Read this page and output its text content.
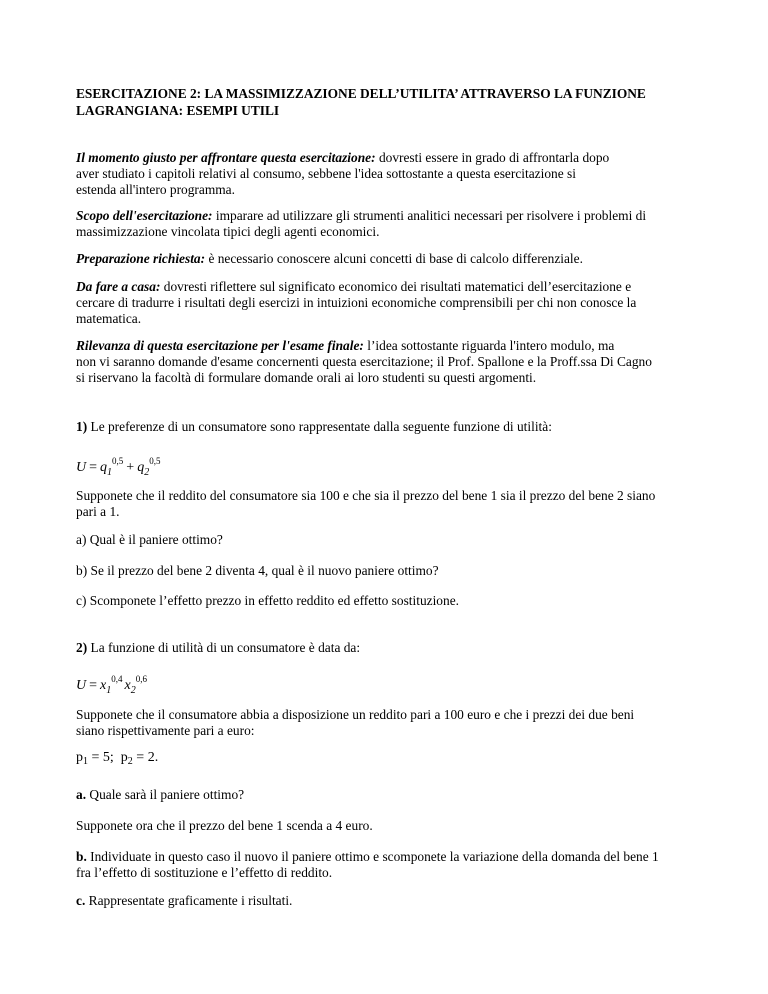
ESERCITAZIONE 2: LA MASSIMIZZAZIONE DELL’UTILITA’ ATTRAVERSO LA FUNZIONE LAGRANGIANA: ESEMPI UTILI
Il momento giusto per affrontare questa esercitazione: dovresti essere in grado di affrontarla dopo
aver studiato i capitoli relativi al consumo, sebbene l'idea sottostante a questa esercitazione si
estenda all'intero programma.
Scopo dell'esercitazione: imparare ad utilizzare gli strumenti analitici necessari per risolvere i problemi di
massimizzazione vincolata tipici degli agenti economici.
Preparazione richiesta: è necessario conoscere alcuni concetti di base di calcolo differenziale.
Da fare a casa: dovresti riflettere sul significato economico dei risultati matematici dell’esercitazione e
cercare di tradurre i risultati degli esercizi in intuizioni economiche comprensibili per chi non conosce la
matematica.
Rilevanza di questa esercitazione per l'esame finale: l’idea sottostante riguarda l'intero modulo, ma
non vi saranno domande d'esame concernenti questa esercitazione; il Prof. Spallone e la Proff.ssa Di Cagno
si riservano la facoltà di formulare domande orali ai loro studenti su questi argomenti.
1) Le preferenze di un consumatore sono rappresentate dalla seguente funzione di utilità:
$U = q_1^{0,5} + q_2^{0,5}$
Supponete che il reddito del consumatore sia 100 e che sia il prezzo del bene 1 sia il prezzo del bene 2 siano
pari a 1.
a) Qual è il paniere ottimo?
b) Se il prezzo del bene 2 diventa 4, qual è il nuovo paniere ottimo?
c) Scomponete l’effetto prezzo in effetto reddito ed effetto sostituzione.
2) La funzione di utilità di un consumatore è data da:
$U = x_1^{0,4}$ $x_2^{0,6}$
Supponete che il consumatore abbia a disposizione un reddito pari a 100 euro e che i prezzi dei due beni
siano rispettivamente pari a euro:
$p_1 = 5$;  $p_2 = 2$.
a. Quale sarà il paniere ottimo?
Supponete ora che il prezzo del bene 1 scenda a 4 euro.
b. Individuate in questo caso il nuovo il paniere ottimo e scomponete la variazione della domanda del bene 1
fra l’effetto di sostituzione e l’effetto di reddito.
c. Rappresentate graficamente i risultati.
